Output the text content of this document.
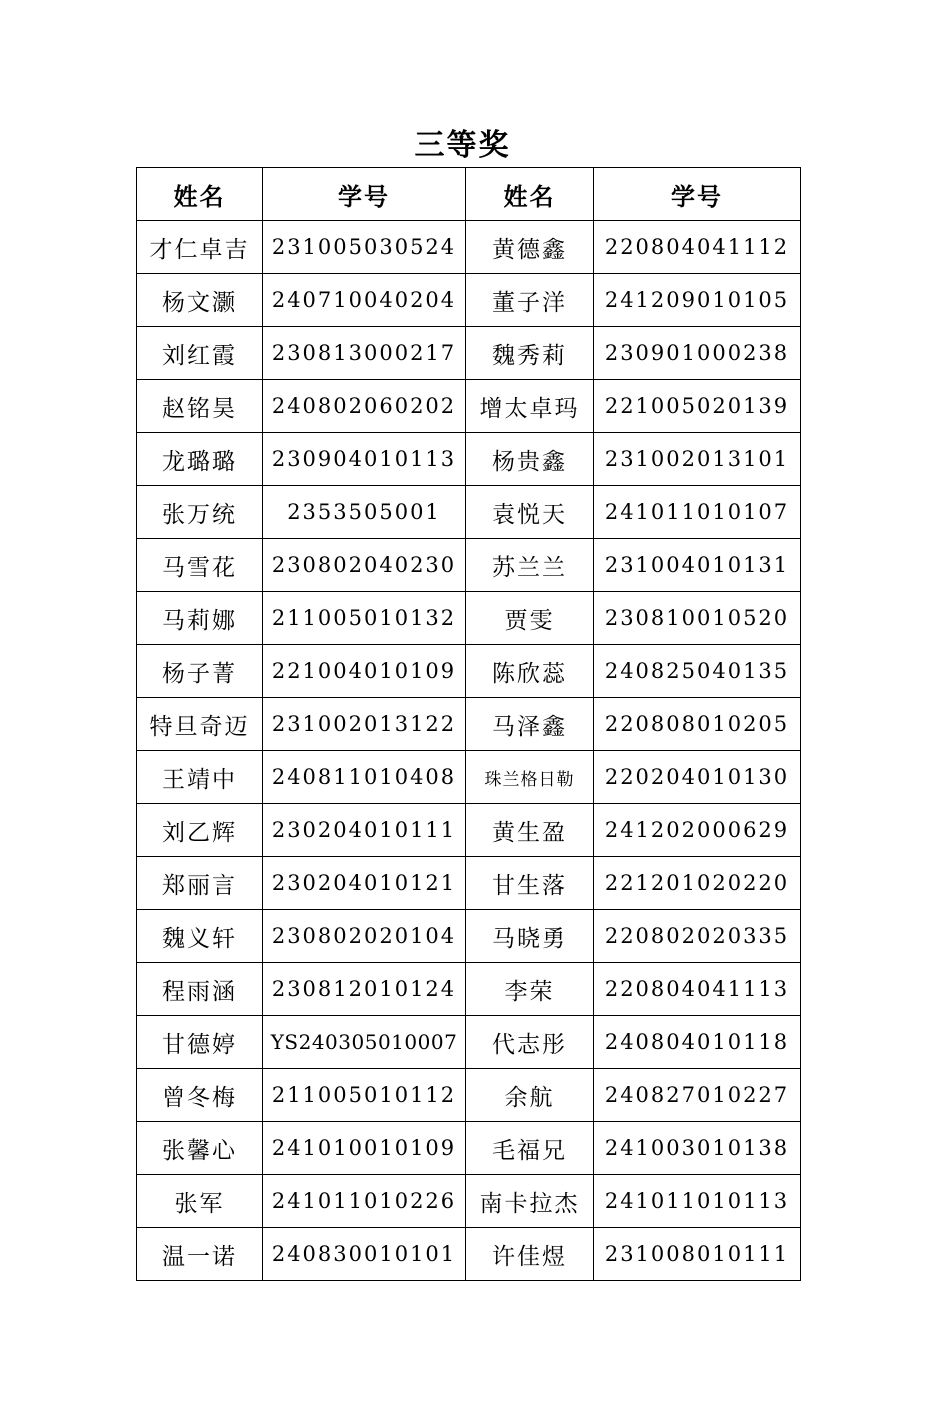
三等奖
姓名	学号	姓名	学号
才仁卓吉	231005030524	黄德鑫	220804041112
杨文灏	240710040204	董子洋	241209010105
刘红霞	230813000217	魏秀莉	230901000238
赵铭昊	240802060202	增太卓玛	221005020139
龙璐璐	230904010113	杨贵鑫	231002013101
张万统	2353505001	袁悦天	241011010107
马雪花	230802040230	苏兰兰	231004010131
马莉娜	211005010132	贾雯	230810010520
杨子菁	221004010109	陈欣蕊	240825040135
特旦奇迈	231002013122	马泽鑫	220808010205
王靖中	240811010408	珠兰格日勒	220204010130
刘乙辉	230204010111	黄生盈	241202000629
郑丽言	230204010121	甘生落	221201020220
魏义轩	230802020104	马晓勇	220802020335
程雨涵	230812010124	李荣	220804041113
甘德婷	YS240305010007	代志彤	240804010118
曾冬梅	211005010112	余航	240827010227
张馨心	241010010109	毛福兄	241003010138
张军	241011010226	南卡拉杰	241011010113
温一诺	240830010101	许佳煜	231008010111
